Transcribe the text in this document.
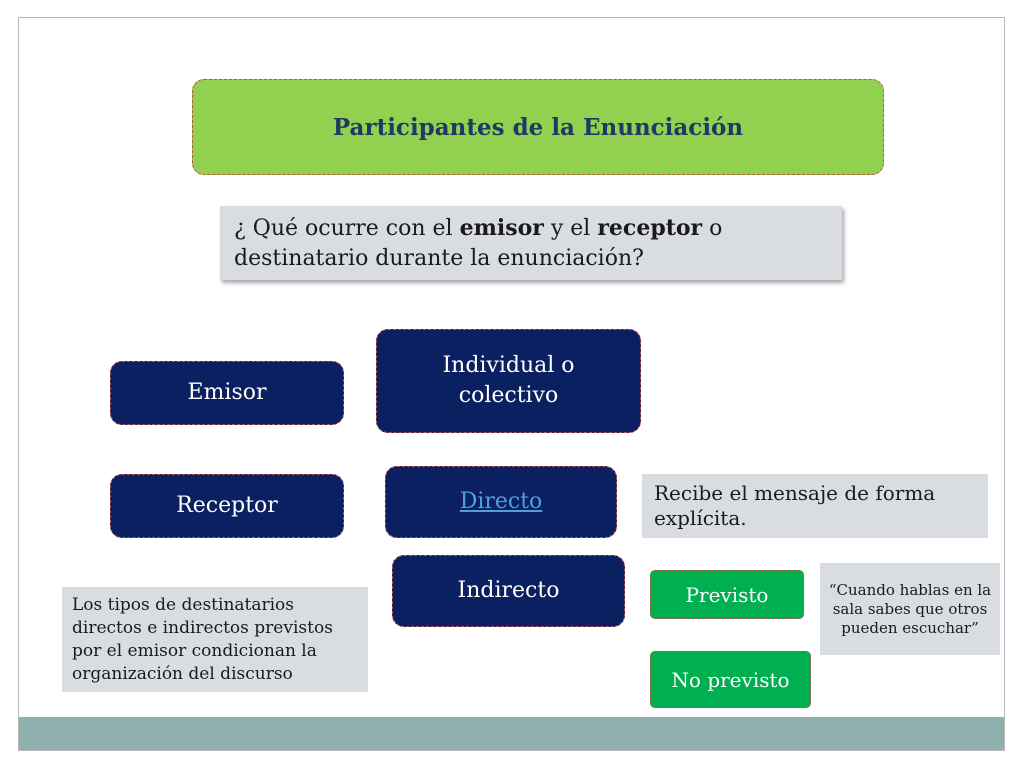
Participantes de la Enunciación
¿ Qué ocurre con el emisor y el receptor o destinatario durante la enunciación?
Emisor
Individual o colectivo
Receptor	Directo
Indirecto
Recibe el mensaje de forma explícita.
Previsto	“Cuando hablas en la sala sabes que otros pueden escuchar”
No previsto
Los tipos de destinatarios directos e indirectos previstos por el emisor condicionan la organización del discurso
